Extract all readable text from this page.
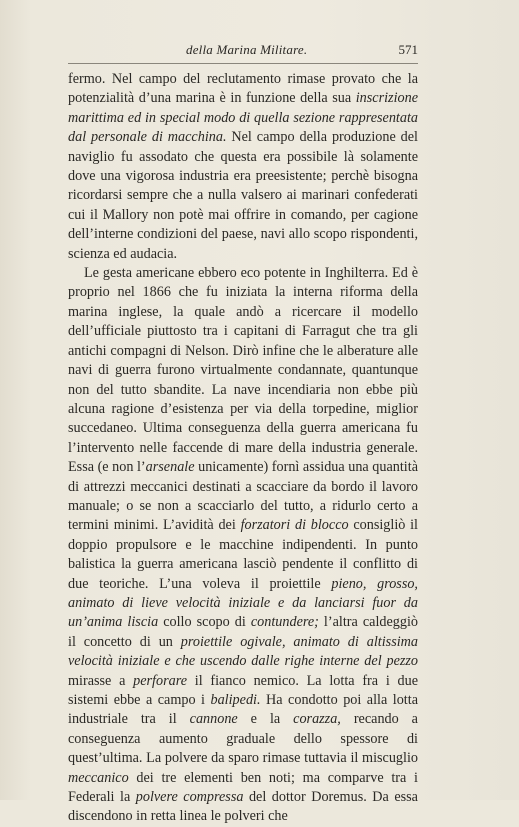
della Marina Militare.	571

fermo. Nel campo del reclutamento rimase provato che la potenzialità d’una marina è in funzione della sua inscrizione marittima ed in special modo di quella sezione rappresentata dal personale di macchina. Nel campo della produzione del naviglio fu assodato che questa era possibile là solamente dove una vigorosa industria era preesistente; perchè bisogna ricordarsi sempre che a nulla valsero ai marinari confederati cui il Mallory non potè mai offrire in comando, per cagione dell’interne condizioni del paese, navi allo scopo rispondenti, scienza ed audacia.

Le gesta americane ebbero eco potente in Inghilterra. Ed è proprio nel 1866 che fu iniziata la interna riforma della marina inglese, la quale andò a ricercare il modello dell’ufficiale piuttosto tra i capitani di Farragut che tra gli antichi compagni di Nelson. Dirò infine che le alberature alle navi di guerra furono virtualmente condannate, quantunque non del tutto sbandite. La nave incendiaria non ebbe più alcuna ragione d’esistenza per via della torpedine, miglior succedaneo. Ultima conseguenza della guerra americana fu l’intervento nelle faccende di mare della industria generale. Essa (e non l’arsenale unicamente) fornì assidua una quantità di attrezzi meccanici destinati a scacciare da bordo il lavoro manuale; o se non a scacciarlo del tutto, a ridurlo certo a termini minimi. L’avidità dei forzatori di blocco consigliò il doppio propulsore e le macchine indipendenti. In punto balistica la guerra americana lasciò pendente il conflitto di due teoriche. L’una voleva il proiettile pieno, grosso, animato di lieve velocità iniziale e da lanciarsi fuor da un’anima liscia collo scopo di contundere; l’altra caldeggiò il concetto di un proiettile ogivale, animato di altissima velocità iniziale e che uscendo dalle righe interne del pezzo mirasse a perforare il fianco nemico. La lotta fra i due sistemi ebbe a campo i balipedi. Ha condotto poi alla lotta industriale tra il cannone e la corazza, recando a conseguenza aumento graduale dello spessore di quest’ultima. La polvere da sparo rimase tuttavia il miscuglio meccanico dei tre elementi ben noti; ma comparve tra i Federali la polvere compressa del dottor Doremus. Da essa discendono in retta linea le polveri che
